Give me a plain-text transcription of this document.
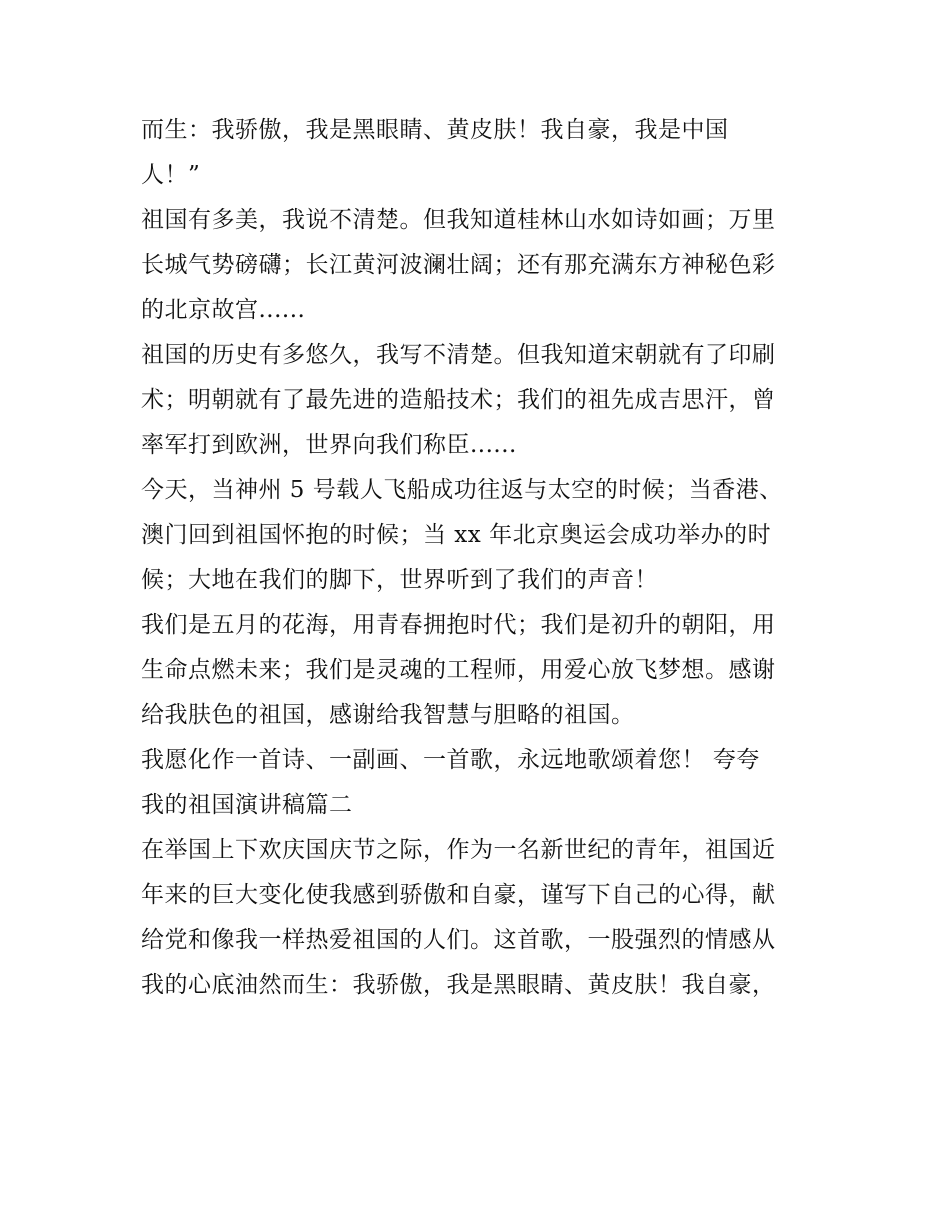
而生：我骄傲，我是黑眼睛、黄皮肤！我自豪，我是中国
人！”
祖国有多美，我说不清楚。但我知道桂林山水如诗如画；万里
长城气势磅礴；长江黄河波澜壮阔；还有那充满东方神秘色彩
的北京故宫......
祖国的历史有多悠久，我写不清楚。但我知道宋朝就有了印刷
术；明朝就有了最先进的造船技术；我们的祖先成吉思汗，曾
率军打到欧洲，世界向我们称臣......
今天，当神州 5 号载人飞船成功往返与太空的时候；当香港、
澳门回到祖国怀抱的时候；当 xx 年北京奥运会成功举办的时
候；大地在我们的脚下，世界听到了我们的声音！
我们是五月的花海，用青春拥抱时代；我们是初升的朝阳，用
生命点燃未来；我们是灵魂的工程师，用爱心放飞梦想。感谢
给我肤色的祖国，感谢给我智慧与胆略的祖国。
我愿化作一首诗、一副画、一首歌，永远地歌颂着您！ 夸夸
我的祖国演讲稿篇二
在举国上下欢庆国庆节之际，作为一名新世纪的青年，祖国近
年来的巨大变化使我感到骄傲和自豪，谨写下自己的心得，献
给党和像我一样热爱祖国的人们。这首歌，一股强烈的情感从
我的心底油然而生：我骄傲，我是黑眼睛、黄皮肤！我自豪，
